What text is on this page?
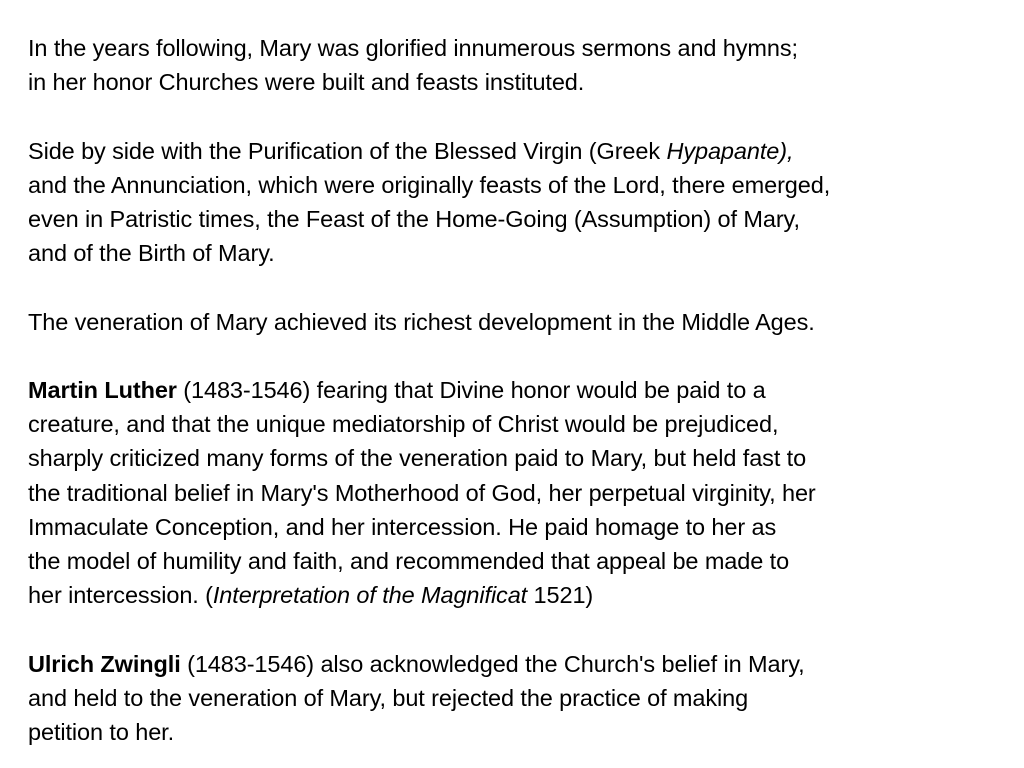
In the years following, Mary was glorified innumerous sermons and hymns;
in her honor Churches were built and feasts instituted.

Side by side with the Purification of the Blessed Virgin (Greek Hypapante),
and the Annunciation, which were originally feasts of the Lord, there emerged,
even in Patristic times, the Feast of the Home-Going (Assumption) of Mary,
and of the Birth of Mary.

The veneration of Mary achieved its richest development in the Middle Ages.

Martin Luther (1483-1546) fearing that Divine honor would be paid to a
creature, and that the unique mediatorship of Christ would be prejudiced,
sharply criticized many forms of the veneration paid to Mary, but held fast to
the traditional belief in Mary's Motherhood of God, her perpetual virginity, her
Immaculate Conception, and her intercession. He paid homage to her as
the model of humility and faith, and recommended that appeal be made to
her intercession. (Interpretation of the Magnificat 1521)

Ulrich Zwingli (1483-1546) also acknowledged the Church's belief in Mary,
and held to the veneration of Mary, but rejected the practice of making
petition to her.
